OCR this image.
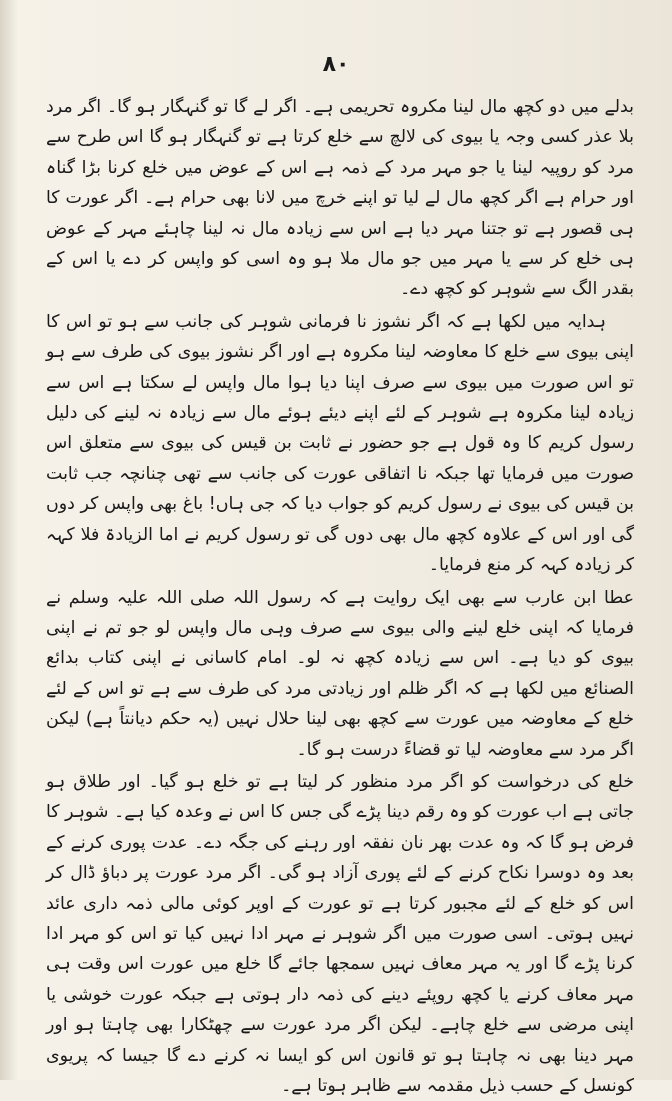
۸۰

بدلے میں دو کچھ مال لینا مکروہ تحریمی ہے۔ اگر لے گا تو گنہگار ہو گا۔ اگر مرد بلا عذر کسی وجہ یا بیوی کی لالچ سے خلع کرتا ہے تو گنہگار ہو گا اس طرح سے مرد کو روپیہ لینا یا جو مہر مرد کے ذمہ ہے اس کے عوض میں خلع کرنا بڑا گناہ اور حرام ہے اگر کچھ مال لے لیا تو اپنے خرچ میں لانا بھی حرام ہے۔ اگر عورت کا ہی قصور ہے تو جتنا مہر دیا ہے اس سے زیادہ مال نہ لینا چاہئے مہر کے عوض ہی خلع کر سے یا مہر میں جو مال ملا ہو وہ اسی کو واپس کر دے یا اس کے بقدر الگ سے شوہر کو کچھ دے۔

ہدایہ میں لکھا ہے کہ اگر نشوز نا فرمانی شوہر کی جانب سے ہو تو اس کا اپنی بیوی سے خلع کا معاوضہ لینا مکروہ ہے اور اگر نشوز بیوی کی طرف سے ہو تو اس صورت میں بیوی سے صرف اپنا دیا ہوا مال واپس لے سکتا ہے اس سے زیادہ لینا مکروہ ہے شوہر کے لئے اپنے دیئے ہوئے مال سے زیادہ نہ لینے کی دلیل رسول کریم کا وہ قول ہے جو حضور نے ثابت بن قیس کی بیوی سے متعلق اس صورت میں فرمایا تھا جبکہ نا اتفاقی عورت کی جانب سے تھی چنانچہ جب ثابت بن قیس کی بیوی نے رسول کریم کو جواب دیا کہ جی ہاں! باغ بھی واپس کر دوں گی اور اس کے علاوہ کچھ مال بھی دوں گی تو رسول کریم نے اما الزیادۃ فلا کہہ کر زیادہ کہہ کر منع فرمایا۔

عطا ابن عارب سے بھی ایک روایت ہے کہ رسول اللہ صلی اللہ علیہ وسلم نے فرمایا کہ اپنی خلع لینے والی بیوی سے صرف وہی مال واپس لو جو تم نے اپنی بیوی کو دیا ہے۔ اس سے زیادہ کچھ نہ لو۔ امام کاسانی نے اپنی کتاب بدائع الصنائع میں لکھا ہے کہ اگر ظلم اور زیادتی مرد کی طرف سے ہے تو اس کے لئے خلع کے معاوضہ میں عورت سے کچھ بھی لینا حلال نہیں (یہ حکم دیانتاً ہے) لیکن اگر مرد سے معاوضہ لیا تو قضاءً درست ہو گا۔

خلع کی درخواست کو اگر مرد منظور کر لیتا ہے تو خلع ہو گیا۔ اور طلاق ہو جاتی ہے اب عورت کو وہ رقم دینا پڑے گی جس کا اس نے وعدہ کیا ہے۔ شوہر کا فرض ہو گا کہ وہ عدت بھر نان نفقہ اور رہنے کی جگہ دے۔ عدت پوری کرنے کے بعد وہ دوسرا نکاح کرنے کے لئے پوری آزاد ہو گی۔ اگر مرد عورت پر دباؤ ڈال کر اس کو خلع کے لئے مجبور کرتا ہے تو عورت کے اوپر کوئی مالی ذمہ داری عائد نہیں ہوتی۔ اسی صورت میں اگر شوہر نے مہر ادا نہیں کیا تو اس کو مہر ادا کرنا پڑے گا اور یہ مہر معاف نہیں سمجھا جائے گا خلع میں عورت اس وقت ہی مہر معاف کرنے یا کچھ روپئے دینے کی ذمہ دار ہوتی ہے جبکہ عورت خوشی یا اپنی مرضی سے خلع چاہے۔ لیکن اگر مرد عورت سے چھٹکارا بھی چاہتا ہو اور مہر دینا بھی نہ چاہتا ہو تو قانون اس کو ایسا نہ کرنے دے گا جیسا کہ پریوی کونسل کے حسب ذیل مقدمہ سے ظاہر ہوتا ہے۔
